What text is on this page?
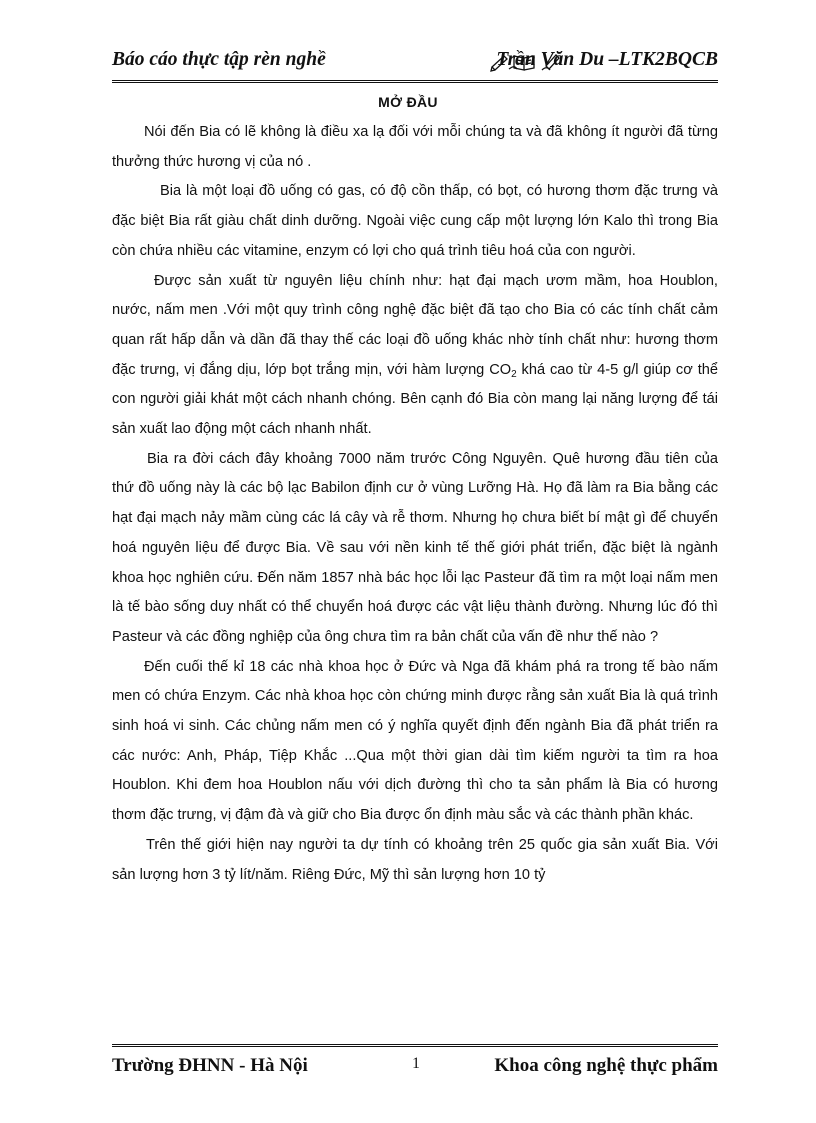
Báo cáo thực tập rèn nghề	Trần Văn Du –LTK2BQCB
MỞ ĐẦU

Nói đến Bia có lẽ không là điều xa lạ đối với mỗi chúng ta và đã không ít người đã từng thưởng thức hương vị của nó .

Bia là một loại đồ uống có gas, có độ cồn thấp, có bọt, có hương thơm đặc trưng và đặc biệt Bia rất giàu chất dinh dưỡng. Ngoài việc cung cấp một lượng lớn Kalo thì trong Bia còn chứa nhiều các vitamine, enzym có lợi cho quá trình tiêu hoá của con người.

Được sản xuất từ nguyên liệu chính như: hạt đại mạch ươm mầm, hoa Houblon, nước, nấm men .Với một quy trình công nghệ đặc biệt đã tạo cho Bia có các tính chất cảm quan rất hấp dẫn và dần đã thay thế các loại đồ uống khác nhờ tính chất như: hương thơm đặc trưng, vị đắng dịu, lớp bọt trắng mịn, với hàm lượng $CO_2$ khá cao từ 4-5 g/l giúp cơ thể con người giải khát một cách nhanh chóng. Bên cạnh đó Bia còn mang lại năng lượng để tái sản xuất lao động một cách nhanh nhất.

Bia ra đời cách đây khoảng 7000 năm trước Công Nguyên. Quê hương đầu tiên của thứ đồ uống này là các bộ lạc Babilon định cư ở vùng Lưỡng Hà. Họ đã làm ra Bia bằng các hạt đại mạch nảy mầm cùng các lá cây và rễ thơm. Nhưng họ chưa biết bí mật gì để chuyển hoá nguyên liệu để được Bia. Về sau với nền kinh tế thế giới phát triển, đặc biệt là ngành khoa học nghiên cứu. Đến năm 1857 nhà bác học lỗi lạc Pasteur đã tìm ra một loại nấm men là tế bào sống duy nhất có thể chuyển hoá được các vật liệu thành đường. Nhưng lúc đó thì Pasteur và các đồng nghiệp của ông chưa tìm ra bản chất của vấn đề như thế nào ?

Đến cuối thế kỉ 18 các nhà khoa học ở Đức và Nga đã khám phá ra trong tế bào nấm men có chứa Enzym. Các nhà khoa học còn chứng minh được rằng sản xuất Bia là quá trình sinh hoá vi sinh. Các chủng nấm men có ý nghĩa quyết định đến ngành Bia đã phát triển ra các nước: Anh, Pháp, Tiệp Khắc ...Qua một thời gian dài tìm kiếm người ta tìm ra hoa Houblon. Khi đem hoa Houblon nấu với dịch đường thì cho ta sản phẩm là Bia có hương thơm đặc trưng, vị đậm đà và giữ cho Bia được ổn định màu sắc và các thành phần khác.

Trên thế giới hiện nay người ta dự tính có khoảng trên 25 quốc gia sản xuất Bia. Với sản lượng hơn 3 tỷ lít/năm. Riêng Đức, Mỹ thì sản lượng hơn 10 tỷ

Trường ĐHNN - Hà Nội	1	Khoa công nghệ thực phẩm
